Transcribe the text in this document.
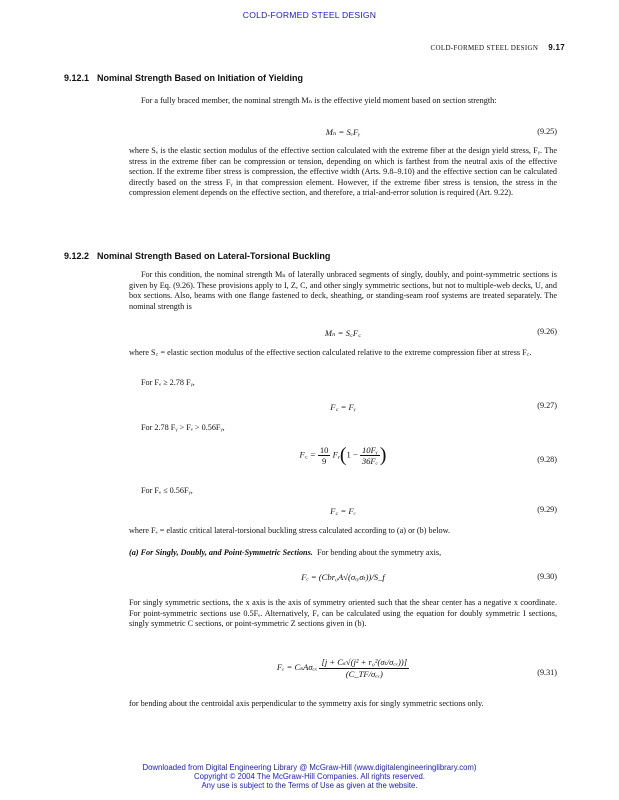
COLD-FORMED STEEL DESIGN
COLD-FORMED STEEL DESIGN 9.17
9.12.1 Nominal Strength Based on Initiation of Yielding
For a fully braced member, the nominal strength Mₙ is the effective yield moment based on section strength:
Mₙ = SₑFᵧ	(9.25)
where Sₑ is the elastic section modulus of the effective section calculated with the extreme fiber at the design yield stress, Fᵧ. The stress in the extreme fiber can be compression or tension, depending on which is farthest from the neutral axis of the effective section. If the extreme fiber stress is compression, the effective width (Arts. 9.8–9.10) and the effective section can be calculated directly based on the stress Fᵧ in that compression element. However, if the extreme fiber stress is tension, the stress in the compression element depends on the effective section, and therefore, a trial-and-error solution is required (Art. 9.22).
9.12.2 Nominal Strength Based on Lateral-Torsional Buckling
For this condition, the nominal strength Mₙ of laterally unbraced segments of singly, doubly, and point-symmetric sections is given by Eq. (9.26). These provisions apply to I, Z, C, and other singly symmetric sections, but not to multiple-web decks, U, and box sections. Also, beams with one flange fastened to deck, sheathing, or standing-seam roof systems are treated separately. The nominal strength is
Mₙ = S꜀F꜀	(9.26)
where S꜀ = elastic section modulus of the effective section calculated relative to the extreme compression fiber at stress F꜀.
For Fₑ ≥ 2.78 Fᵧ,
F꜀ = Fᵧ	(9.27)
For 2.78 Fᵧ > Fₑ > 0.56Fᵧ,
F꜀ = $\frac{10}{9}$ Fᵧ(1 − $\frac{\text{10Fᵧ}}{\text{36Fₑ}}$ )	(9.28)
For Fₑ ≤ 0.56Fᵧ,
F꜀ = Fₑ	(9.29)
where Fₑ = elastic critical lateral-torsional buckling stress calculated according to (a) or (b) below.
(a) For Singly, Doubly, and Point-Symmetric Sections. For bending about the symmetry axis,
Fₑ = (Cbr₀A√(σₑᵧσₜ))/S_f	(9.30)
For singly symmetric sections, the x axis is the axis of symmetry oriented such that the shear center has a negative x coordinate. For point-symmetric sections use 0.5Fₑ. Alternatively, Fₑ can be calculated using the equation for doubly symmetric I sections, singly symmetric C sections, or point-symmetric Z sections given in (b).
Fₑ = CₛAσₑₓ $\frac{\text{[j + Cₛ√(j² + r₀²(σₜ/σₑₓ))]}}{\text{(C\_TF/σₑₓ)}}$	(9.31)
for bending about the centroidal axis perpendicular to the symmetry axis for singly symmetric sections only.
Downloaded from Digital Engineering Library @ McGraw-Hill (www.digitalengineeringlibrary.com)
Copyright © 2004 The McGraw-Hill Companies. All rights reserved.
Any use is subject to the Terms of Use as given at the website.
